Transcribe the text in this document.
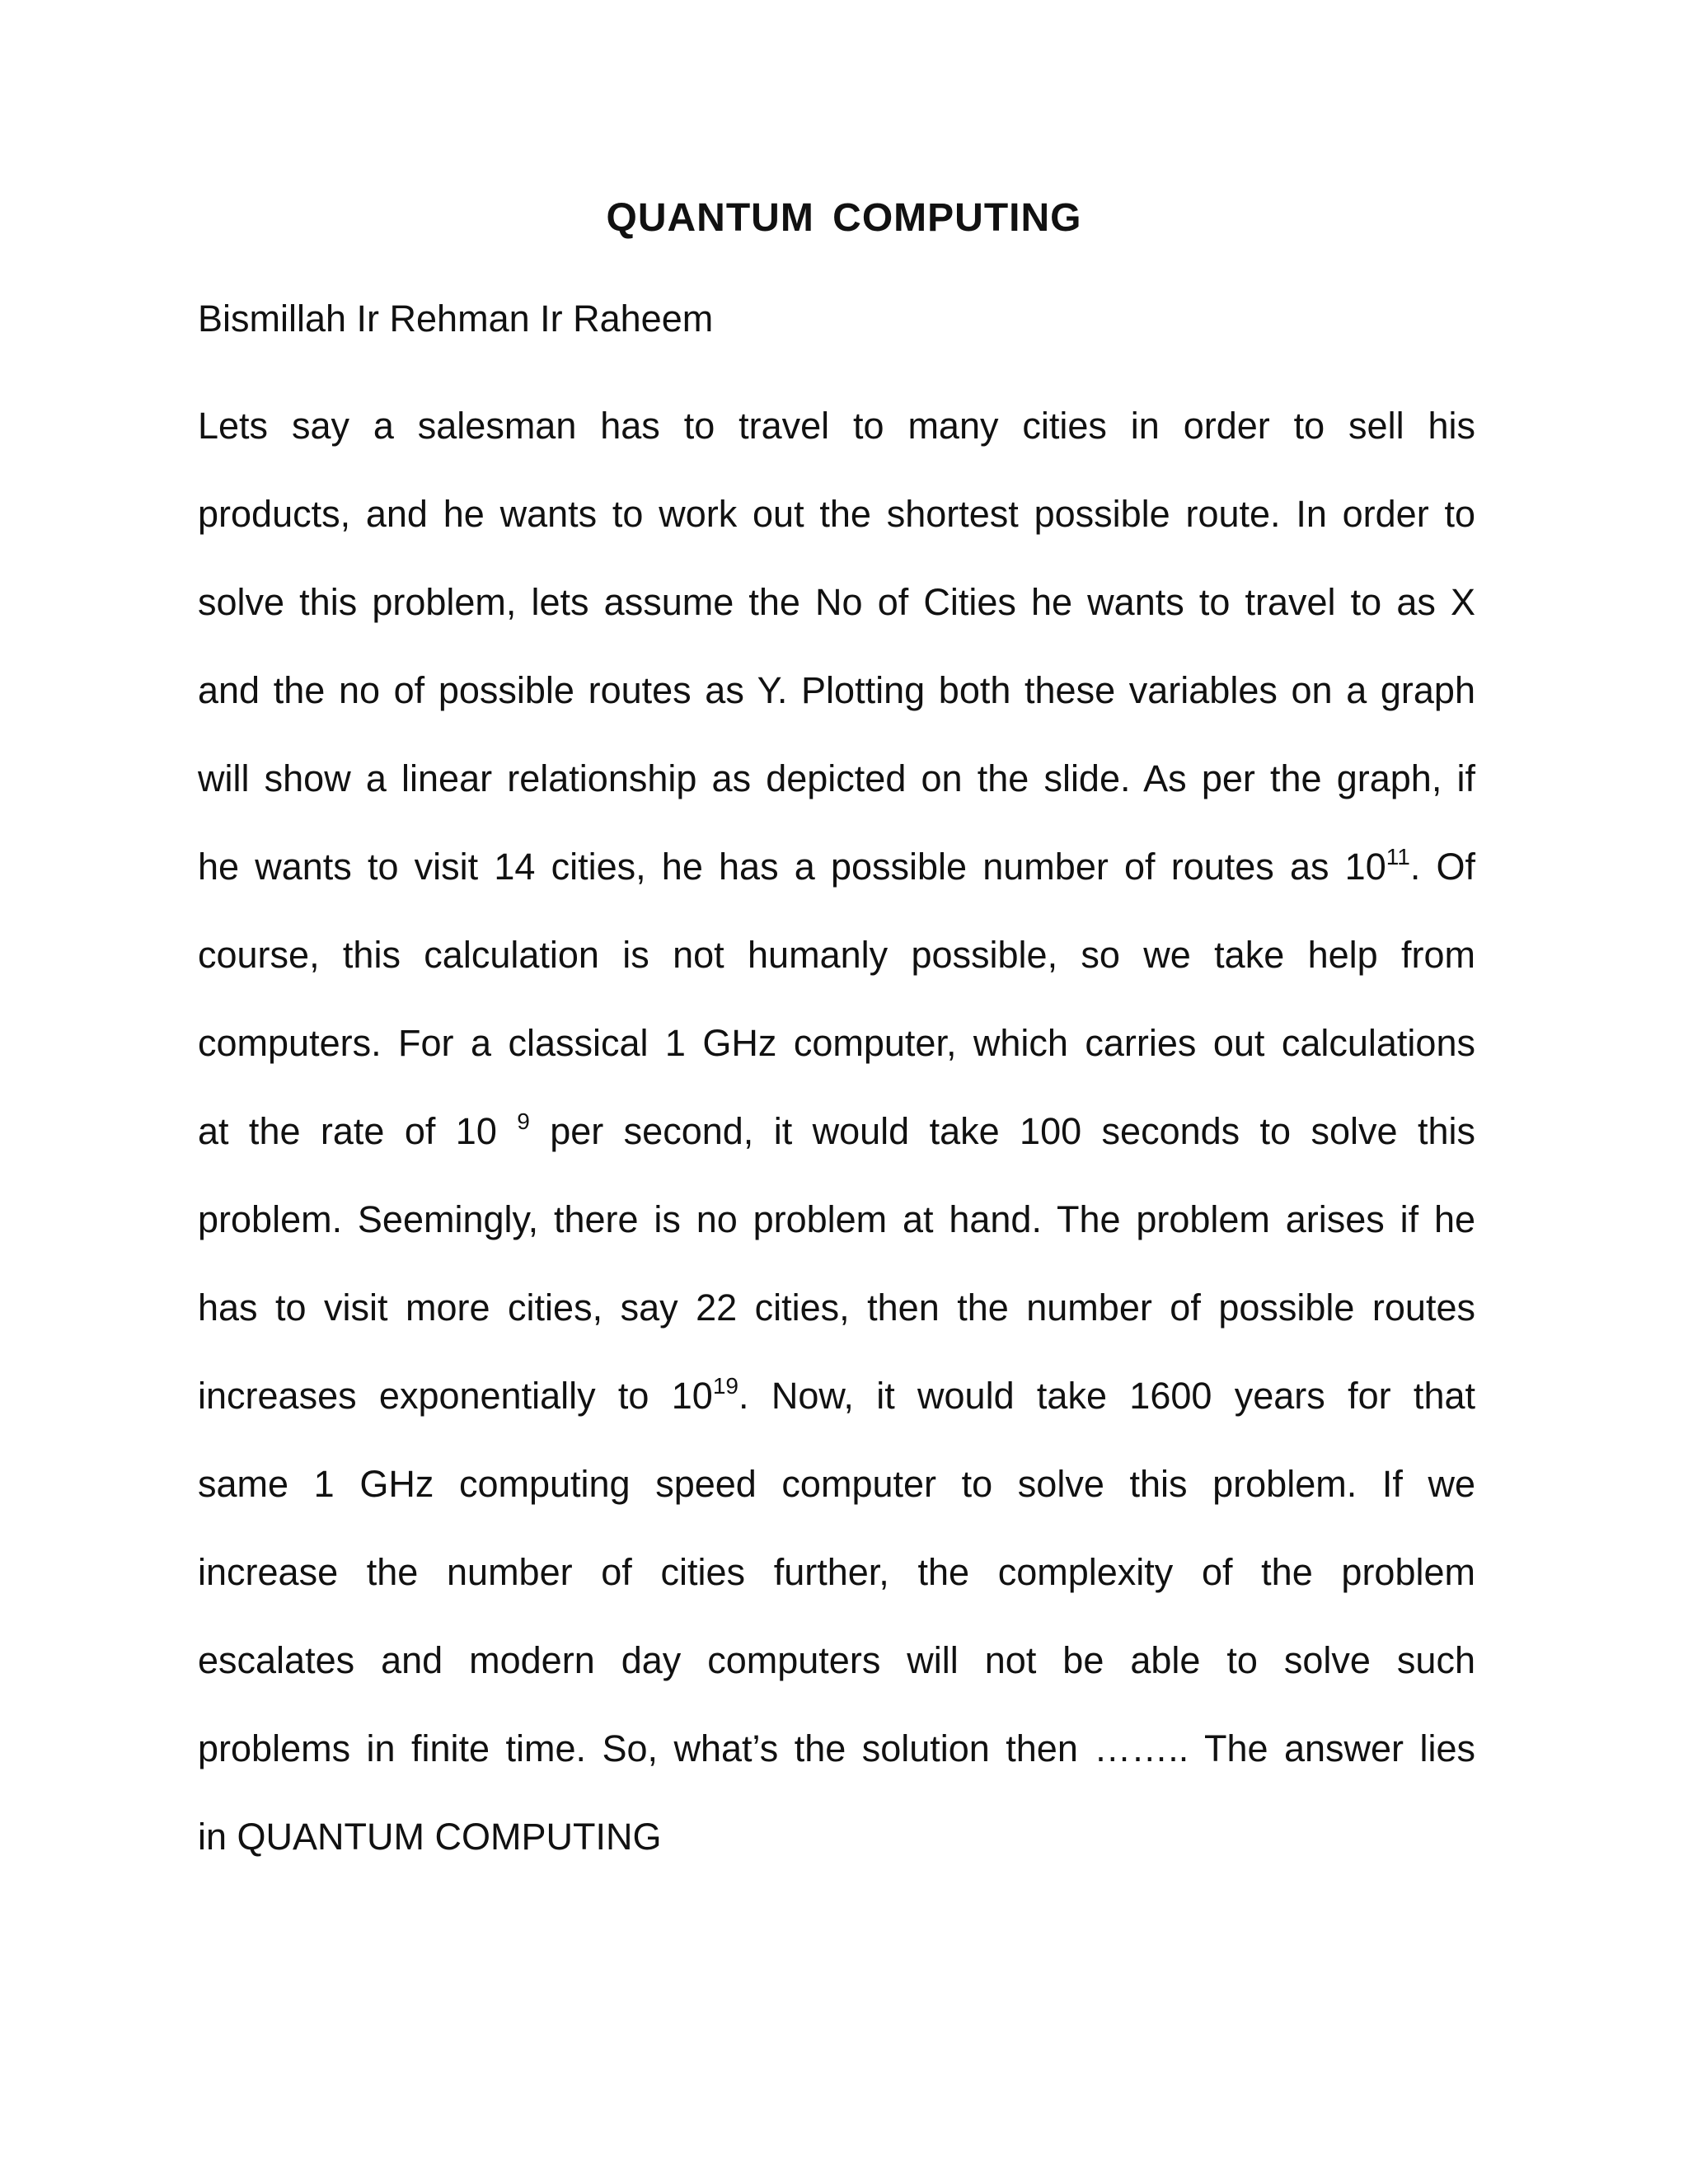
QUANTUM COMPUTING

Bismillah Ir Rehman Ir Raheem

Lets say a salesman has to travel to many cities in order to sell his
products, and he wants to work out the shortest possible route. In order to
solve this problem, lets assume the No of Cities he wants to travel to as X
and the no of possible routes as Y. Plotting both these variables on a graph
will show a linear relationship as depicted on the slide. As per the graph, if
he wants to visit 14 cities, he has a possible number of routes as $10^{11}$. Of
course, this calculation is not humanly possible, so we take help from
computers. For a classical 1 GHz computer, which carries out calculations
at the rate of 10 $^9$ per second, it would take 100 seconds to solve this
problem. Seemingly, there is no problem at hand. The problem arises if he
has to visit more cities, say 22 cities, then the number of possible routes
increases exponentially to $10^{19}$. Now, it would take 1600 years for that
same 1 GHz computing speed computer to solve this problem. If we
increase the number of cities further, the complexity of the problem
escalates and modern day computers will not be able to solve such
problems in finite time. So, what’s the solution then …….. The answer lies
in QUANTUM COMPUTING
